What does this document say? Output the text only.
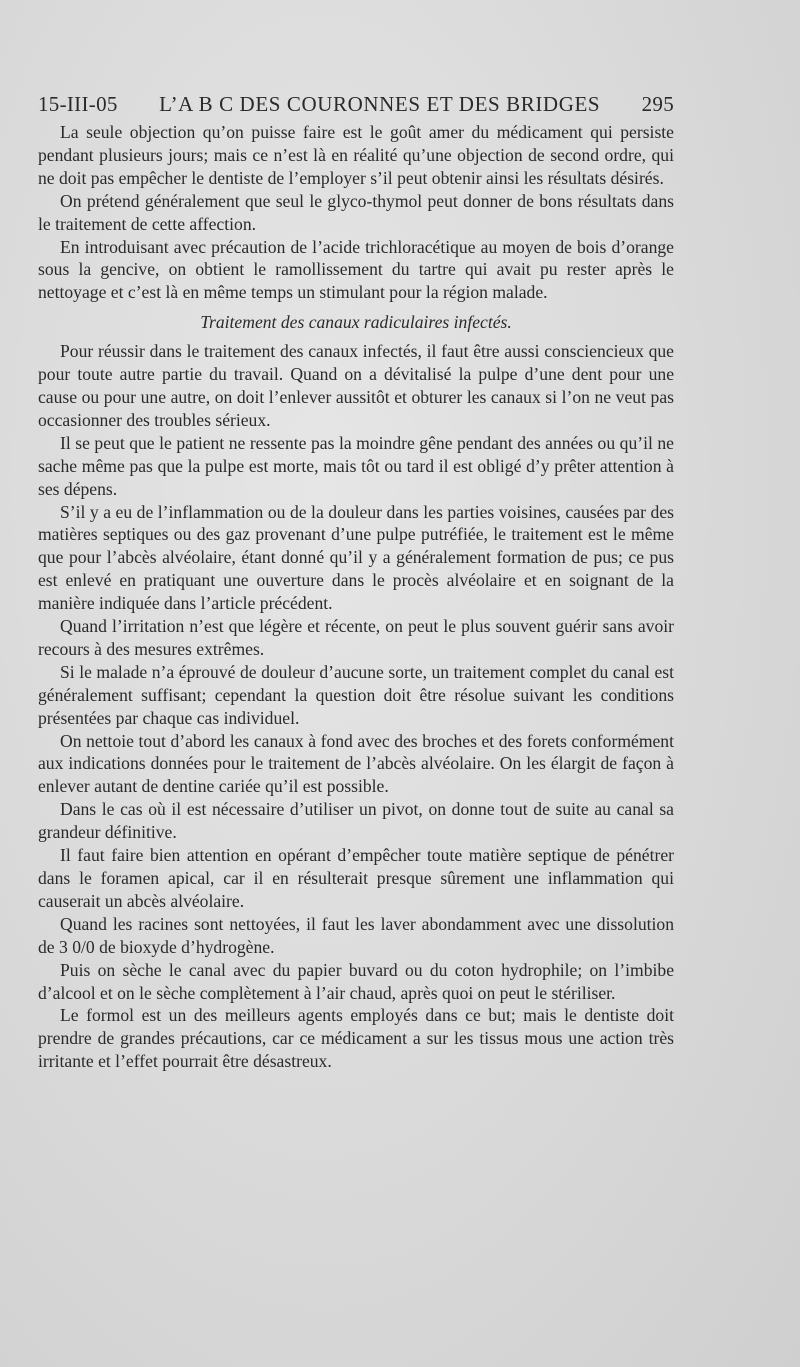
15-III-05 L’A B C DES COURONNES ET DES BRIDGES 295

La seule objection qu’on puisse faire est le goût amer du médicament qui persiste pendant plusieurs jours; mais ce n’est là en réalité qu’une objection de second ordre, qui ne doit pas empêcher le dentiste de l’employer s’il peut obtenir ainsi les résultats désirés.

On prétend généralement que seul le glyco-thymol peut donner de bons résultats dans le traitement de cette affection.

En introduisant avec précaution de l’acide trichloracétique au moyen de bois d’orange sous la gencive, on obtient le ramollissement du tartre qui avait pu rester après le nettoyage et c’est là en même temps un stimulant pour la région malade.

Traitement des canaux radiculaires infectés.

Pour réussir dans le traitement des canaux infectés, il faut être aussi consciencieux que pour toute autre partie du travail. Quand on a dévitalisé la pulpe d’une dent pour une cause ou pour une autre, on doit l’enlever aussitôt et obturer les canaux si l’on ne veut pas occasionner des troubles sérieux.

Il se peut que le patient ne ressente pas la moindre gêne pendant des années ou qu’il ne sache même pas que la pulpe est morte, mais tôt ou tard il est obligé d’y prêter attention à ses dépens.

S’il y a eu de l’inflammation ou de la douleur dans les parties voisines, causées par des matières septiques ou des gaz provenant d’une pulpe putréfiée, le traitement est le même que pour l’abcès alvéolaire, étant donné qu’il y a généralement formation de pus; ce pus est enlevé en pratiquant une ouverture dans le procès alvéolaire et en soignant de la manière indiquée dans l’article précédent.

Quand l’irritation n’est que légère et récente, on peut le plus souvent guérir sans avoir recours à des mesures extrêmes.

Si le malade n’a éprouvé de douleur d’aucune sorte, un traitement complet du canal est généralement suffisant; cependant la question doit être résolue suivant les conditions présentées par chaque cas individuel.

On nettoie tout d’abord les canaux à fond avec des broches et des forets conformément aux indications données pour le traitement de l’abcès alvéolaire. On les élargit de façon à enlever autant de dentine cariée qu’il est possible.

Dans le cas où il est nécessaire d’utiliser un pivot, on donne tout de suite au canal sa grandeur définitive.

Il faut faire bien attention en opérant d’empêcher toute matière septique de pénétrer dans le foramen apical, car il en résulterait presque sûrement une inflammation qui causerait un abcès alvéolaire.

Quand les racines sont nettoyées, il faut les laver abondamment avec une dissolution de 3 0/0 de bioxyde d’hydrogène.

Puis on sèche le canal avec du papier buvard ou du coton hydrophile; on l’imbibe d’alcool et on le sèche complètement à l’air chaud, après quoi on peut le stériliser.

Le formol est un des meilleurs agents employés dans ce but; mais le dentiste doit prendre de grandes précautions, car ce médicament a sur les tissus mous une action très irritante et l’effet pourrait être désastreux.
